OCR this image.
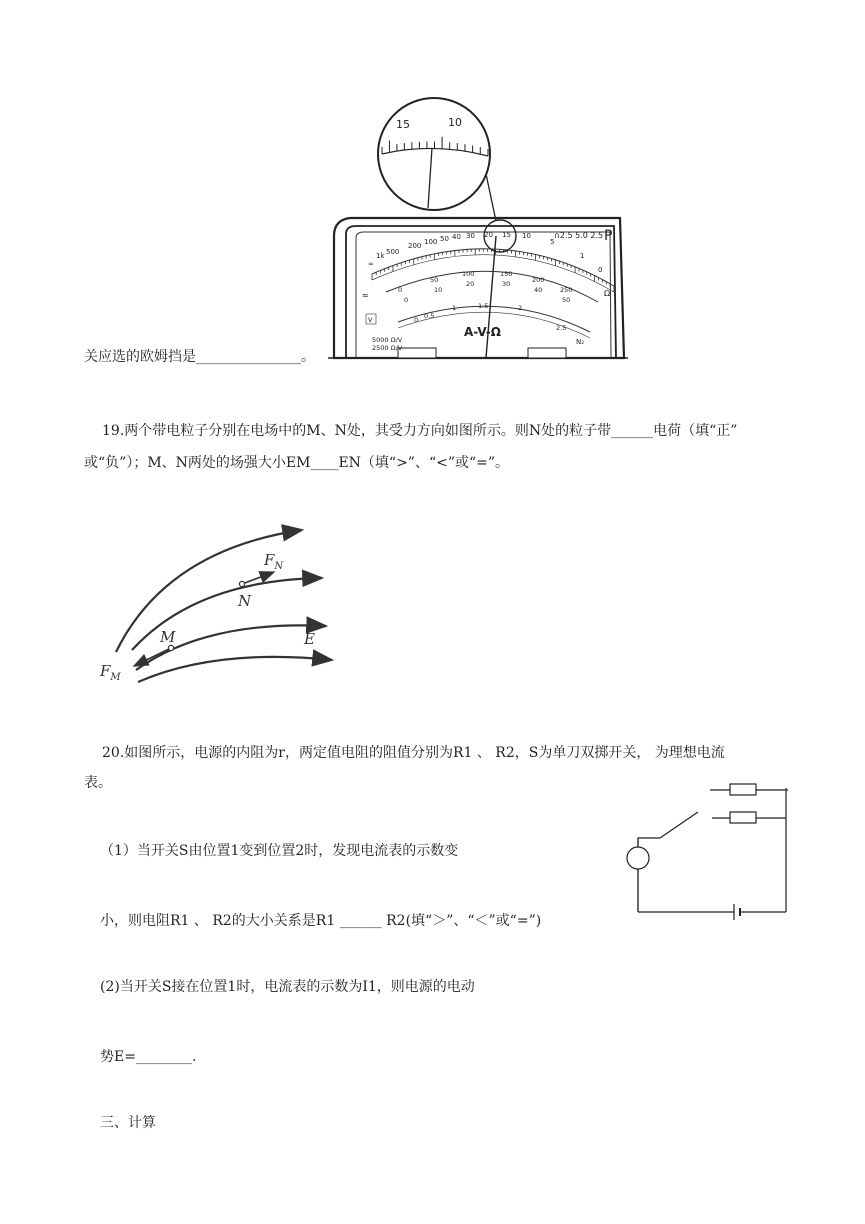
∞
1k 500
200 100 50 40 30 20 15 10
5
1
0
0
50
100	150
200
250
0
10
20	30
40
50
0 0.5
1	1.5	2
2.5
∩2.5 5.0 2.5 P
A-V-Ω
5000 Ω/V
2500 Ω/V
N₂
Ω
≈
V
15	10
关应选的欧姆挡是_______________。
19.两个带电粒子分别在电场中的M、N处，其受力方向如图所示。则N处的粒子带______电荷（填“正”
或“负”）；M、N两处的场强大小EM____EN（填“>”、“<”或“=”。
$F_N$
N
M	E
$F_M$
20.如图所示，电源的内阻为r，两定值电阻的阻值分别为R1 、 R2，S为单刀双掷开关， 为理想电流
表。
（1）当开关S由位置1变到位置2时，发现电流表的示数变
小，则电阻R1 、 R2的大小关系是R1 ______ R2(填“＞”、“＜”或“=”)
(2)当开关S接在位置1时，电流表的示数为I1，则电源的电动
势E=________.
三、计算
